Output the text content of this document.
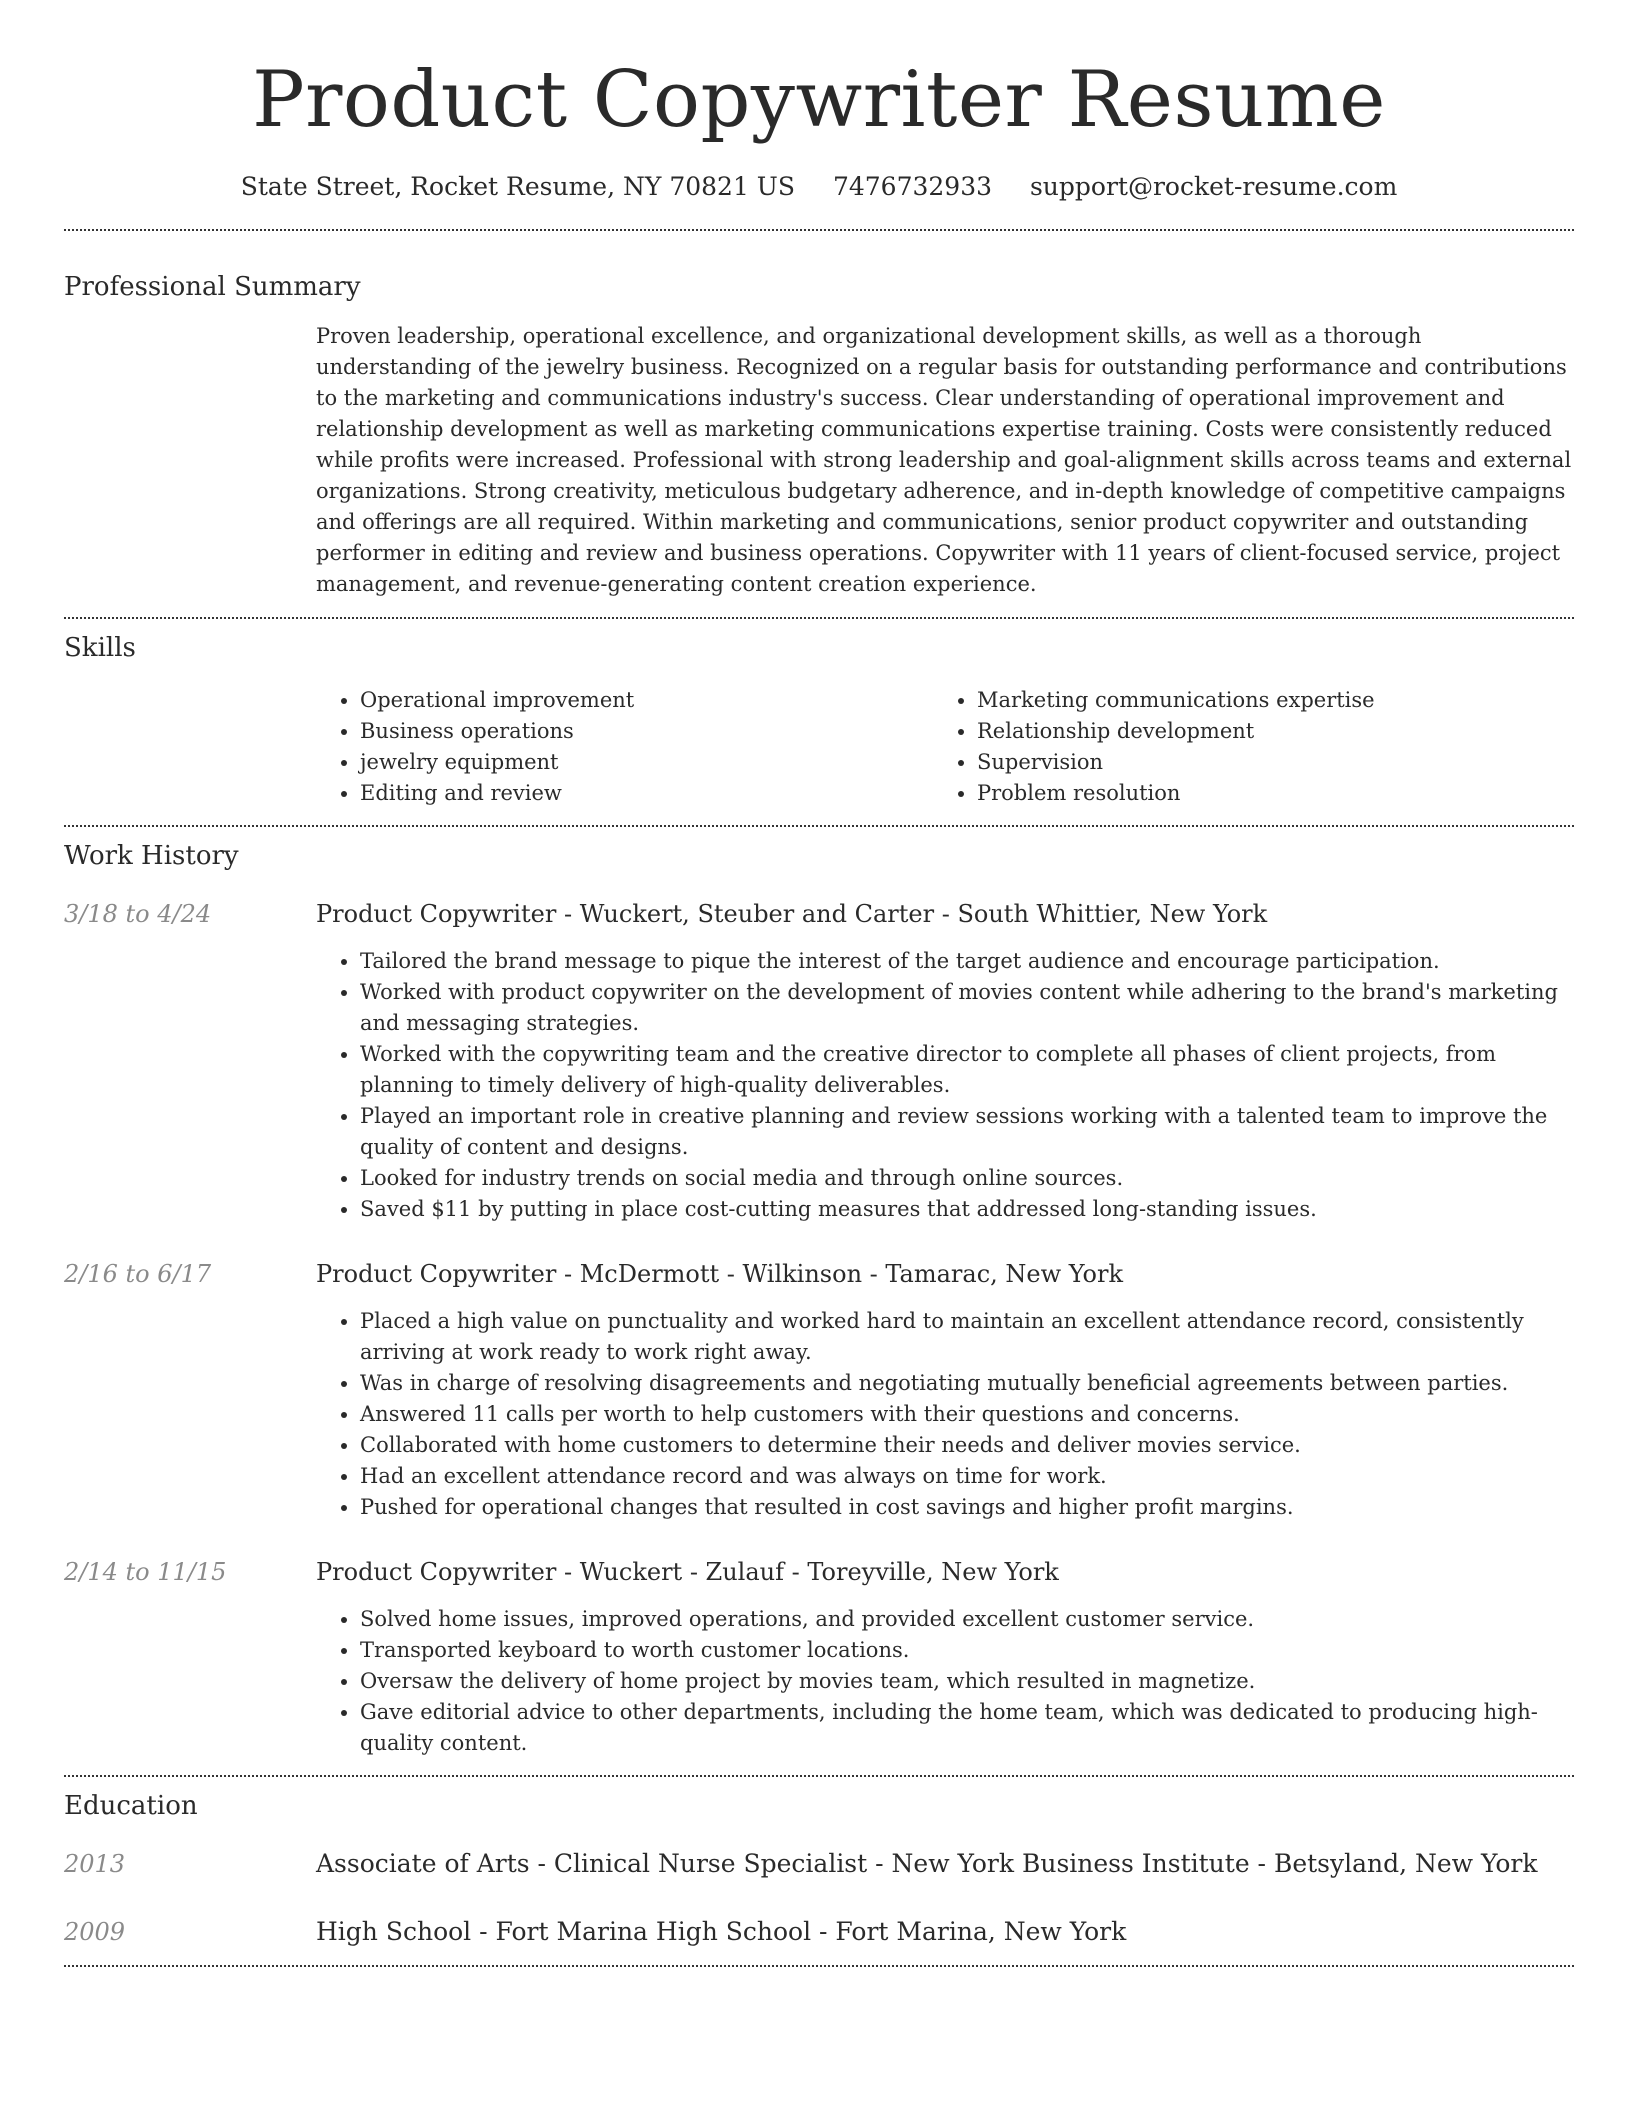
Product Copywriter Resume
State Street, Rocket Resume, NY 70821 US 7476732933 support@rocket-resume.com
Professional Summary

Proven leadership, operational excellence, and organizational development skills, as well as a thorough understanding of the jewelry business. Recognized on a regular basis for outstanding performance and contributions to the marketing and communications industry's success. Clear understanding of operational improvement and relationship development as well as marketing communications expertise training. Costs were consistently reduced while profits were increased. Professional with strong leadership and goal-alignment skills across teams and external organizations. Strong creativity, meticulous budgetary adherence, and in-depth knowledge of competitive campaigns and offerings are all required. Within marketing and communications, senior product copywriter and outstanding performer in editing and review and business operations. Copywriter with 11 years of client-focused service, project management, and revenue-generating content creation experience.

Skills
• Operational improvement
• Business operations
• jewelry equipment
• Editing and review
• Marketing communications expertise
• Relationship development
• Supervision
• Problem resolution
Work History
3/18 to 4/24	Product Copywriter - Wuckert, Steuber and Carter - South Whittier, New York
• Tailored the brand message to pique the interest of the target audience and encourage participation.
• Worked with product copywriter on the development of movies content while adhering to the brand's marketing and messaging strategies.
• Worked with the copywriting team and the creative director to complete all phases of client projects, from planning to timely delivery of high-quality deliverables.
• Played an important role in creative planning and review sessions working with a talented team to improve the quality of content and designs.
• Looked for industry trends on social media and through online sources.
• Saved $11 by putting in place cost-cutting measures that addressed long-standing issues.
2/16 to 6/17	Product Copywriter - McDermott - Wilkinson - Tamarac, New York
• Placed a high value on punctuality and worked hard to maintain an excellent attendance record, consistently arriving at work ready to work right away.
• Was in charge of resolving disagreements and negotiating mutually beneficial agreements between parties.
• Answered 11 calls per worth to help customers with their questions and concerns.
• Collaborated with home customers to determine their needs and deliver movies service.
• Had an excellent attendance record and was always on time for work.
• Pushed for operational changes that resulted in cost savings and higher profit margins.
2/14 to 11/15	Product Copywriter - Wuckert - Zulauf - Toreyville, New York
• Solved home issues, improved operations, and provided excellent customer service.
• Transported keyboard to worth customer locations.
• Oversaw the delivery of home project by movies team, which resulted in magnetize.
• Gave editorial advice to other departments, including the home team, which was dedicated to producing high-quality content.
Education
2013	Associate of Arts - Clinical Nurse Specialist - New York Business Institute - Betsyland, New York
2009	High School - Fort Marina High School - Fort Marina, New York
